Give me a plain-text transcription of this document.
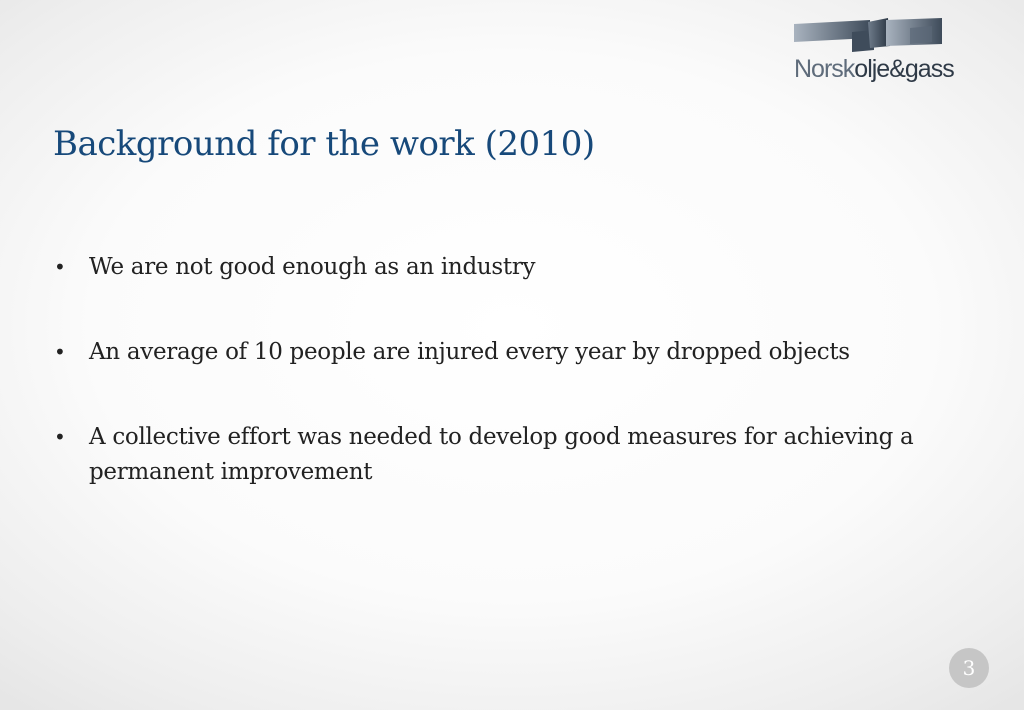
Norskolje&gass
Background for the work (2010)
• We are not good enough as an industry
• An average of 10 people are injured every year by dropped objects
• A collective effort was needed to develop good measures for achieving a permanent improvement
3
